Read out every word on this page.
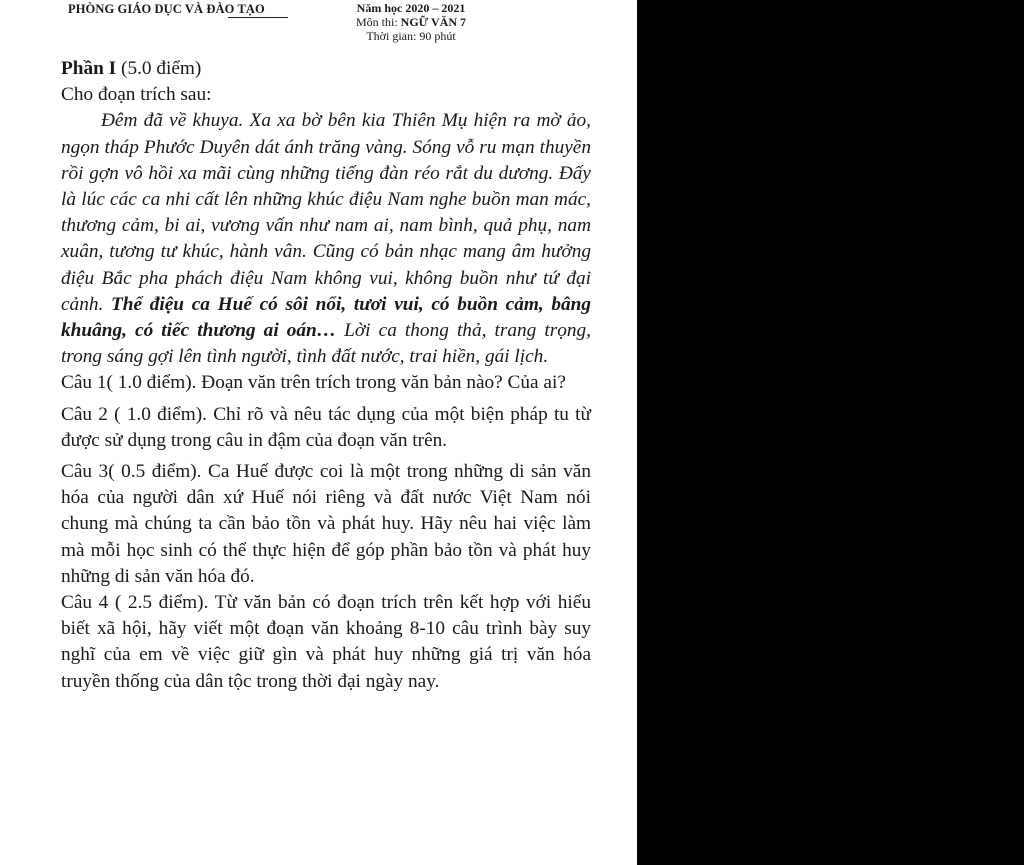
PHÒNG GIÁO DỤC VÀ ĐÀO TẠO	Năm học 2020 – 2021
Môn thi: NGỮ VĂN 7
Thời gian: 90 phút

Phần I (5.0 điểm)

Cho đoạn trích sau:

Đêm đã về khuya. Xa xa bờ bên kia Thiên Mụ hiện ra mờ ảo, ngọn tháp Phước Duyên dát ánh trăng vàng. Sóng vỗ ru mạn thuyền rồi gợn vô hồi xa mãi cùng những tiếng đàn réo rắt du dương. Đấy là lúc các ca nhi cất lên những khúc điệu Nam nghe buồn man mác, thương cảm, bi ai, vương vấn như nam ai, nam bình, quả phụ, nam xuân, tương tư khúc, hành vân. Cũng có bản nhạc mang âm hưởng điệu Bắc pha phách điệu Nam không vui, không buồn như tứ đại cảnh. Thể điệu ca Huế có sôi nổi, tươi vui, có buồn cảm, bâng khuâng, có tiếc thương ai oán… Lời ca thong thả, trang trọng, trong sáng gợi lên tình người, tình đất nước, trai hiền, gái lịch.

Câu 1( 1.0 điểm). Đoạn văn trên trích trong văn bản nào? Của ai?

Câu 2 ( 1.0 điểm). Chỉ rõ và nêu tác dụng của một biện pháp tu từ được sử dụng trong câu in đậm của đoạn văn trên.

Câu 3( 0.5 điểm). Ca Huế được coi là một trong những di sản văn hóa của người dân xứ Huế nói riêng và đất nước Việt Nam nói chung mà chúng ta cần bảo tồn và phát huy. Hãy nêu hai việc làm mà mỗi học sinh có thể thực hiện để góp phần bảo tồn và phát huy những di sản văn hóa đó.

Câu 4 ( 2.5 điểm). Từ văn bản có đoạn trích trên kết hợp với hiểu biết xã hội, hãy viết một đoạn văn khoảng 8-10 câu trình bày suy nghĩ của em về việc giữ gìn và phát huy những giá trị văn hóa truyền thống của dân tộc trong thời đại ngày nay.
